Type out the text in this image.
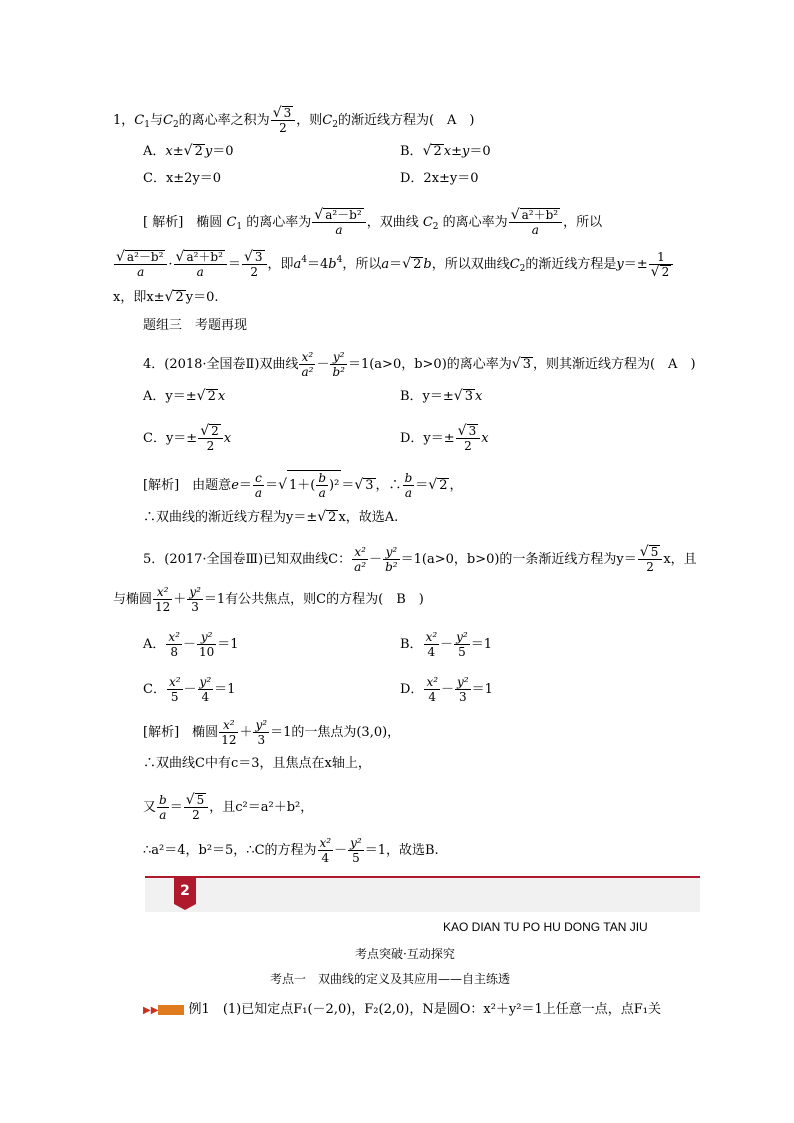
1，$C_1$与$C_2$的离心率之积为 $\frac{√ 3}{2}$ ，则$C_2$的渐近线方程为(　A　)
A．x±√ 2 y＝0	B．√ 2 x±y＝0
C．x±2y＝0	D．2x±y＝0
[ 解析]　 椭圆 $C_1$ 的离心率为 $\frac{\text{√ a²－b²}}{a}$ ，双曲线 $C_2$ 的离心率为 $\frac{\text{√ a²＋b²}}{a}$ ，所以
$\frac{\text{√ a²－b²}}{a} \cdot \frac{\text{√ a²＋b²}}{a} = \frac{√ 3}{2}$ ，即$a^4=4b^4$，所以a＝√ 2 b，所以双曲线$C_2$的渐近线方程是$y=\pm \frac{1}{√ 2}$
x，即x±√ 2 y＝0.
题组三　考题再现
4．(2018·全国卷Ⅱ)双曲线 $\frac{\text{x²}}{\text{a²}} - \frac{\text{y²}}{\text{b²}} =1(a>0$，b>0)的离心率为√ 3 ，则其渐近线方程为(　A　)
A．y＝±√ 2 x	B．y＝±√ 3 x
C．$y=\pm \frac{√ 2}{2}$ x	D．$y=\pm \frac{√ 3}{2}$ x
[解析]　 由题意$e= \frac{c}{a}$ ＝√ $1+( \frac{b}{a} )^2$ ＝√ 3 ，∴ $\frac{b}{a}$ ＝√ 2 ，
∴双曲线的渐近线方程为y＝±√ 2 x，故选A.
5．(2017·全国卷Ⅲ)已知双曲线C： $\frac{\text{x²}}{\text{a²}} - \frac{\text{y²}}{\text{b²}} =1(a>0$，b>0)的一条渐近线方程为$y= \frac{√ 5}{2}$ x，且
与椭圆 $\frac{\text{x²}}{12} + \frac{\text{y²}}{3} =1$有公共焦点，则C的方程为(　B　)
A． $\frac{\text{x²}}{8} - \frac{\text{y²}}{10} =1$	B． $\frac{\text{x²}}{4} - \frac{\text{y²}}{5} =1$
C． $\frac{\text{x²}}{5} - \frac{\text{y²}}{4} =1$	D． $\frac{\text{x²}}{4} - \frac{\text{y²}}{3} =1$
[解析]　 椭圆 $\frac{\text{x²}}{12} + \frac{\text{y²}}{3} =1$的一焦点为(3,0)，
∴双曲线C中有c＝3，且焦点在x轴上，
又 $\frac{b}{a} = \frac{√ 5}{2}$ ，且c²＝a²＋b²，
∴a²＝4，b²＝5，∴C的方程为 $\frac{\text{x²}}{4} - \frac{\text{y²}}{5} =1$，故选B.
2
KAO DIAN TU PO HU DONG TAN JIU
考点突破·互动探究
考点一　双曲线的定义及其应用——自主练透
▶▶ 例1　 (1)已知定点F₁(－2,0)，F₂(2,0)，N是圆O：x²＋y²＝1上任意一点，点F₁关
